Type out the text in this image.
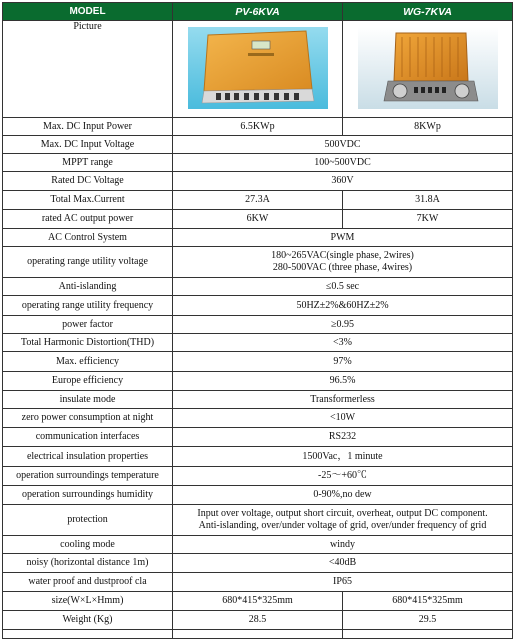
MODEL	PV-6KVA	WG-7KVA
Picture	

Max. DC Input Power	6.5KWp	8KWp
Max. DC Input Voltage	500VDC	
MPPT range	100~500VDC	
Rated DC Voltage	360V	
Total Max.Current	27.3A	31.8A
rated AC output power	6KW	7KW
AC Control System	PWM	
operating range utility voltage	180~265VAC(single phase, 2wires)
280-500VAC (three phase, 4wires)	

Anti-islanding	≤0.5 sec	
operating range utility frequency	50HZ±2%&60HZ±2%	
power factor	≥0.95	
Total Harmonic Distortion(THD)	<3%	
Max. efficiency	97%	
Europe efficiency	96.5%	
insulate mode	Transformerless	
zero power consumption at night	<10W	
communication interfaces	RS232	
electrical insulation properties	1500Vac，1 minute	
operation surroundings temperature	-25～+60℃	
operation surroundings humidity	0-90%,no dew	
protection	Input over voltage, output short circuit, overheat, output DC component.
Anti-islanding, over/under voltage of grid, over/under frequency of grid	

cooling mode	windy	
noisy (horizontal distance 1m)	<40dB	
water proof and dustproof cla	IP65	
size(W×L×Hmm)	680*415*325mm	680*415*325mm
Weight (Kg)	28.5	29.5
